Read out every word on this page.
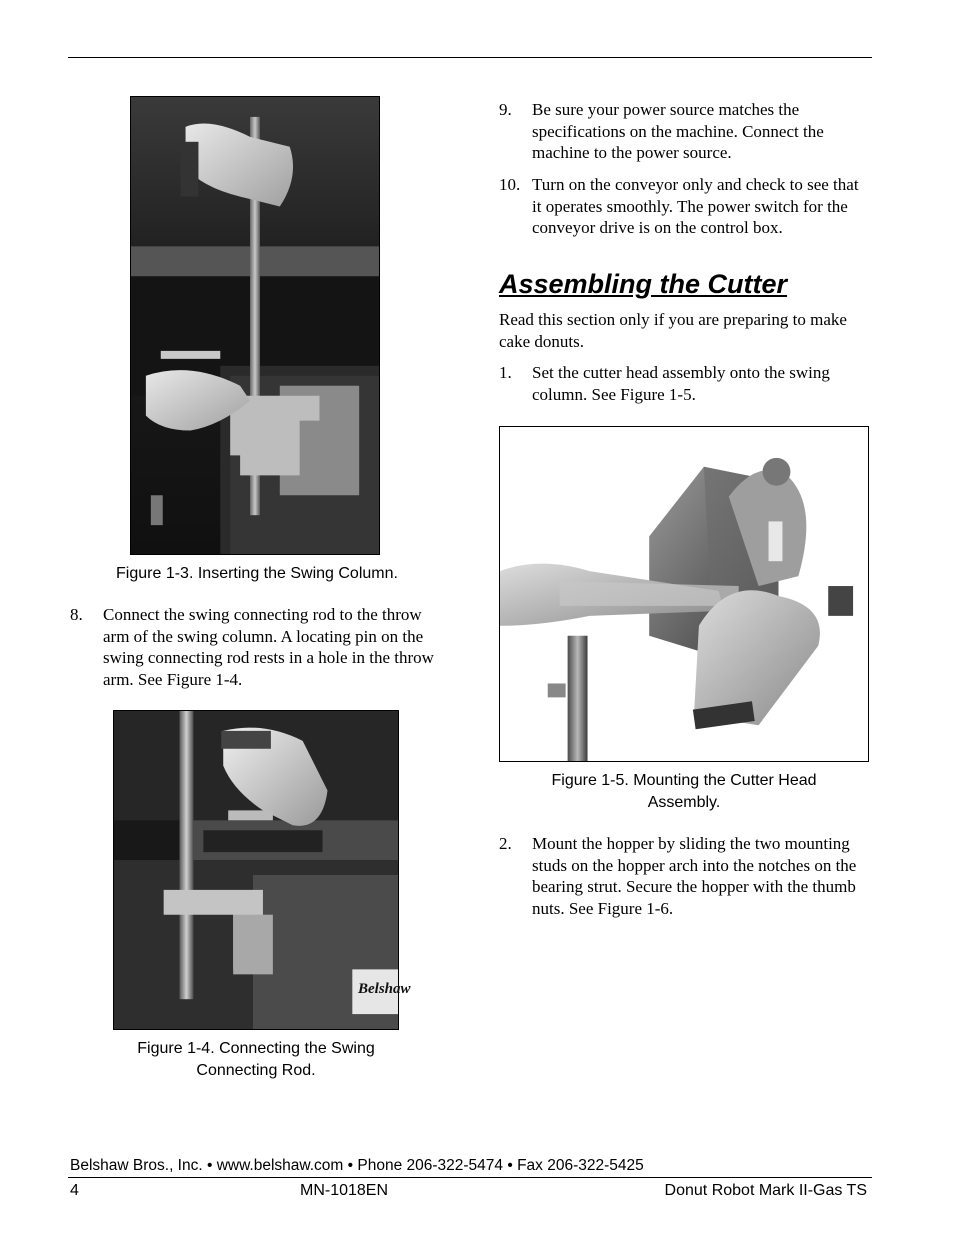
Figure 1-3. Inserting the Swing Column.
8. Connect the swing connecting rod to the throw arm of the swing column. A locating pin on the swing connecting rod rests in a hole in the throw arm. See Figure 1-4.
Belshaw
Figure 1-4. Connecting the Swing Connecting Rod.
9. Be sure your power source matches the specifications on the machine. Connect the machine to the power source.
10. Turn on the conveyor only and check to see that it operates smoothly. The power switch for the conveyor drive is on the control box.
Assembling the Cutter
Read this section only if you are preparing to make cake donuts.
1. Set the cutter head assembly onto the swing column. See Figure 1-5.
Figure 1-5. Mounting the Cutter Head Assembly.
2. Mount the hopper by sliding the two mounting studs on the hopper arch into the notches on the bearing strut. Secure the hopper with the thumb nuts. See Figure 1-6.
Belshaw Bros., Inc. • www.belshaw.com • Phone 206-322-5474 • Fax 206-322-5425
4	MN-1018EN	Donut Robot Mark II-Gas TS
